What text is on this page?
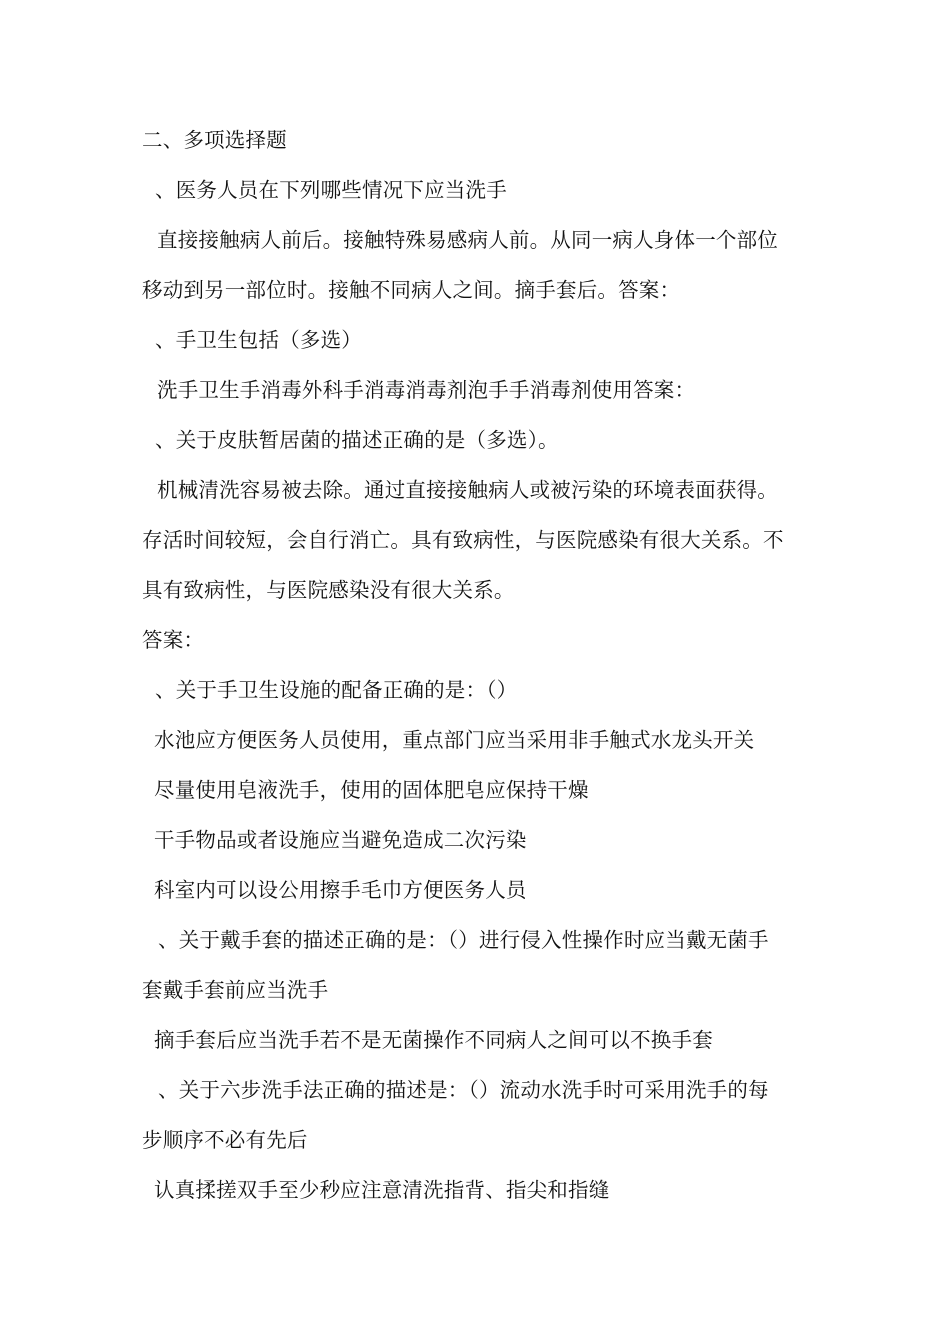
二、多项选择题
、医务人员在下列哪些情况下应当洗手
直接接触病人前后。接触特殊易感病人前。从同一病人身体一个部位
移动到另一部位时。接触不同病人之间。摘手套后。答案：
、手卫生包括（多选）
洗手卫生手消毒外科手消毒消毒剂泡手手消毒剂使用答案：
、关于皮肤暂居菌的描述正确的是（多选）。
机械清洗容易被去除。通过直接接触病人或被污染的环境表面获得。
存活时间较短，会自行消亡。具有致病性，与医院感染有很大关系。不
具有致病性，与医院感染没有很大关系。
答案：
、关于手卫生设施的配备正确的是：（）
水池应方便医务人员使用，重点部门应当采用非手触式水龙头开关
尽量使用皂液洗手，使用的固体肥皂应保持干燥
干手物品或者设施应当避免造成二次污染
科室内可以设公用擦手毛巾方便医务人员
、关于戴手套的描述正确的是：（）进行侵入性操作时应当戴无菌手
套戴手套前应当洗手
摘手套后应当洗手若不是无菌操作不同病人之间可以不换手套
、关于六步洗手法正确的描述是：（）流动水洗手时可采用洗手的每
步顺序不必有先后
认真揉搓双手至少秒应注意清洗指背、指尖和指缝
